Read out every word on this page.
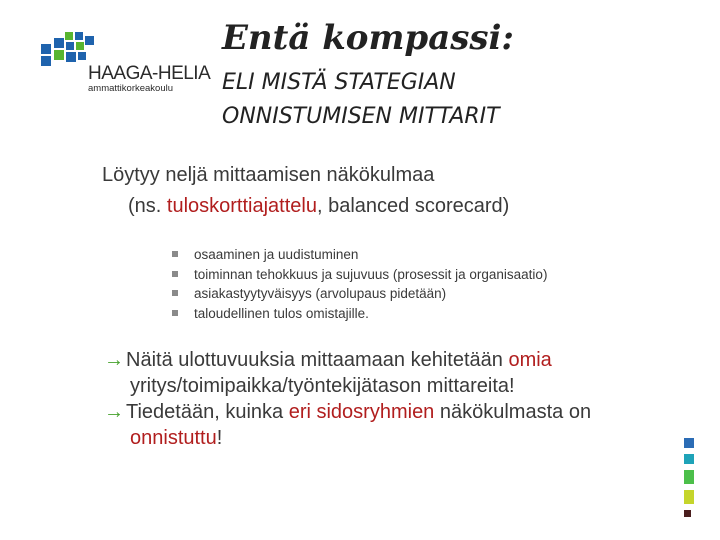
HAAGA-HELIA
ammattikorkeakoulu
Entä kompassi:
ELI MISTÄ STATEGIAN
ONNISTUMISEN MITTARIT
Löytyy neljä mittaamisen näkökulmaa
(ns. tuloskorttiajattelu, balanced scorecard)
osaaminen ja uudistuminen
toiminnan tehokkuus ja sujuvuus (prosessit ja organisaatio)
asiakastyytyväisyys (arvolupaus pidetään)
taloudellinen tulos omistajille.
→ Näitä ulottuvuuksia mittaamaan kehitetään omia
yritys/toimipaikka/työntekijätason mittareita!
→ Tiedetään, kuinka eri sidosryhmien näkökulmasta on
onnistuttu!
